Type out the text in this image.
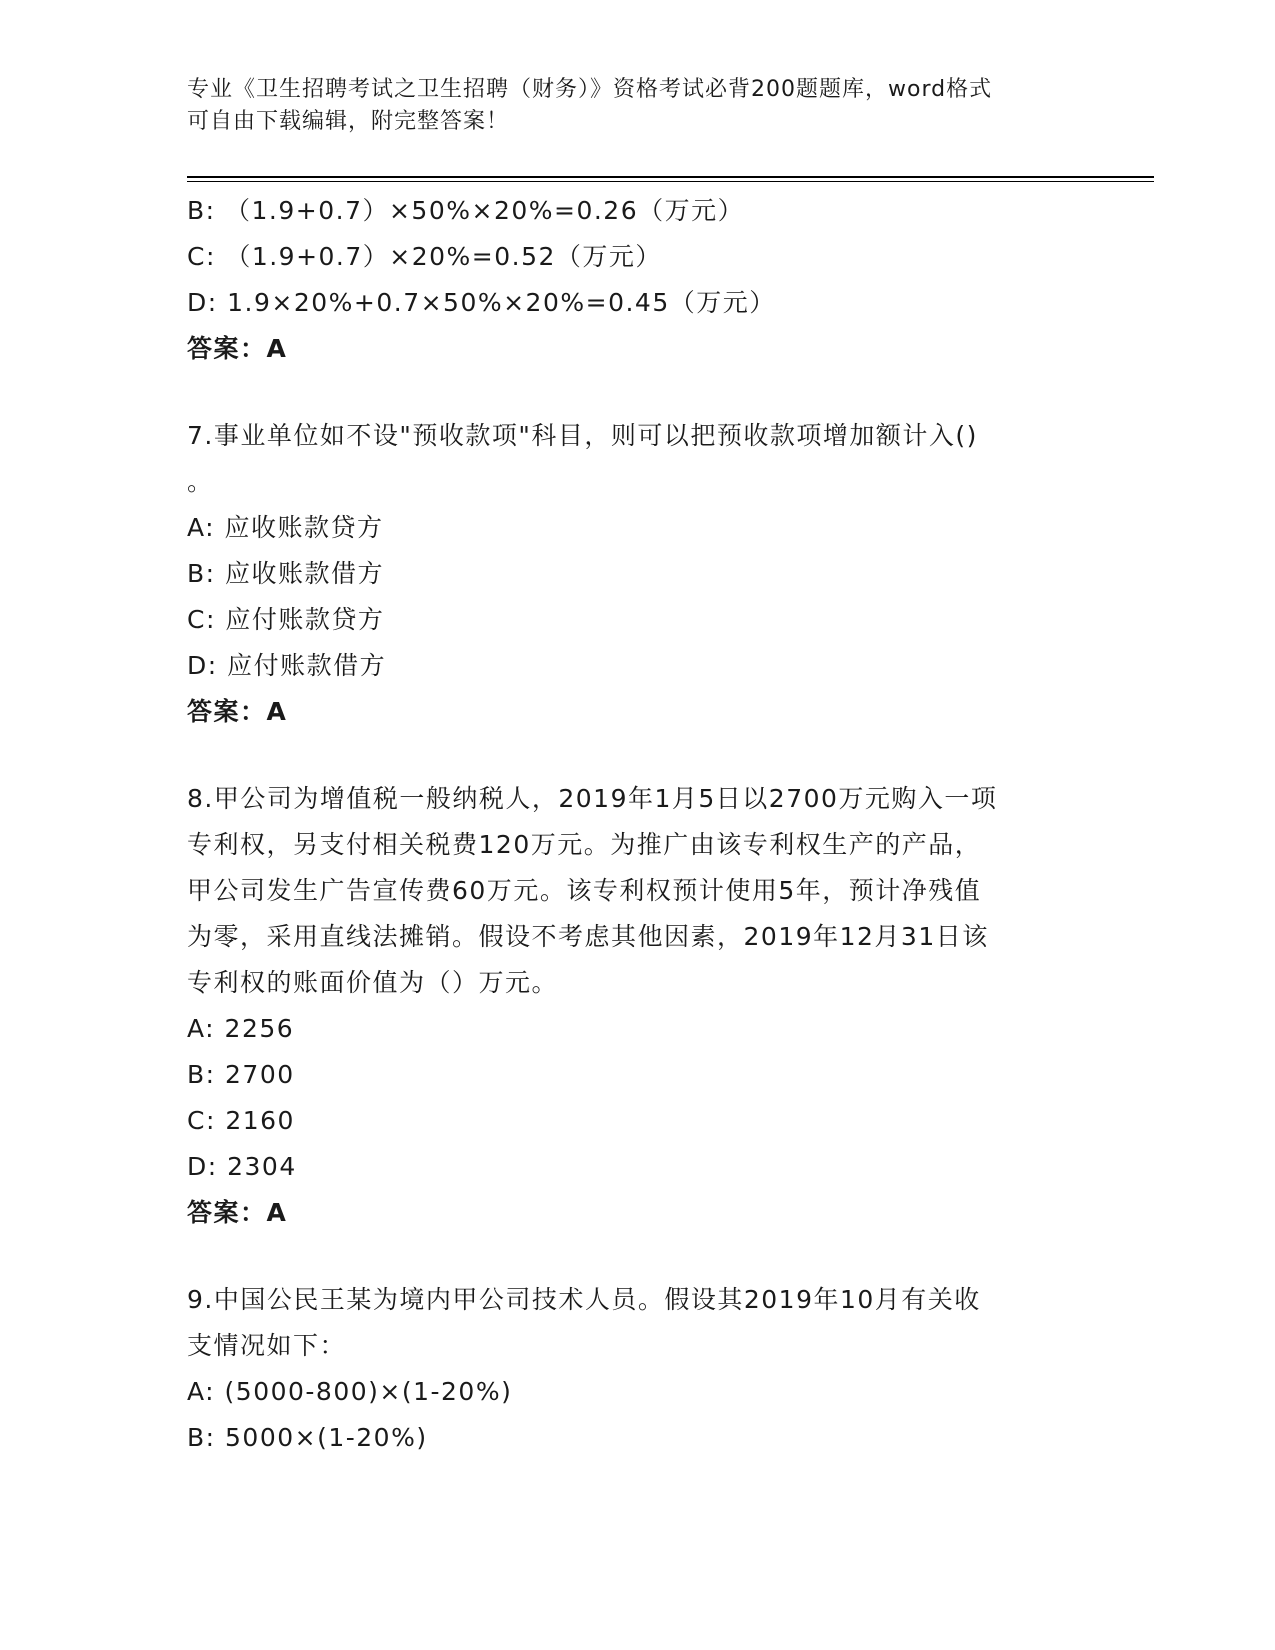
专业《卫生招聘考试之卫生招聘（财务）》资格考试必背200题题库，word格式
可自由下载编辑，附完整答案！
B: （1.9+0.7）×50%×20%=0.26（万元）
C: （1.9+0.7）×20%=0.52（万元）
D: 1.9×20%+0.7×50%×20%=0.45（万元）
答案：A
7.事业单位如不设"预收款项"科目，则可以把预收款项增加额计入()
。
A: 应收账款贷方
B: 应收账款借方
C: 应付账款贷方
D: 应付账款借方
答案：A
8.甲公司为增值税一般纳税人，2019年1月5日以2700万元购入一项
专利权，另支付相关税费120万元。为推广由该专利权生产的产品，
甲公司发生广告宣传费60万元。该专利权预计使用5年，预计净残值
为零，采用直线法摊销。假设不考虑其他因素，2019年12月31日该
专利权的账面价值为（）万元。
A: 2256
B: 2700
C: 2160
D: 2304
答案：A
9.中国公民王某为境内甲公司技术人员。假设其2019年10月有关收
支情况如下：
A: (5000-800)×(1-20%)
B: 5000×(1-20%)
